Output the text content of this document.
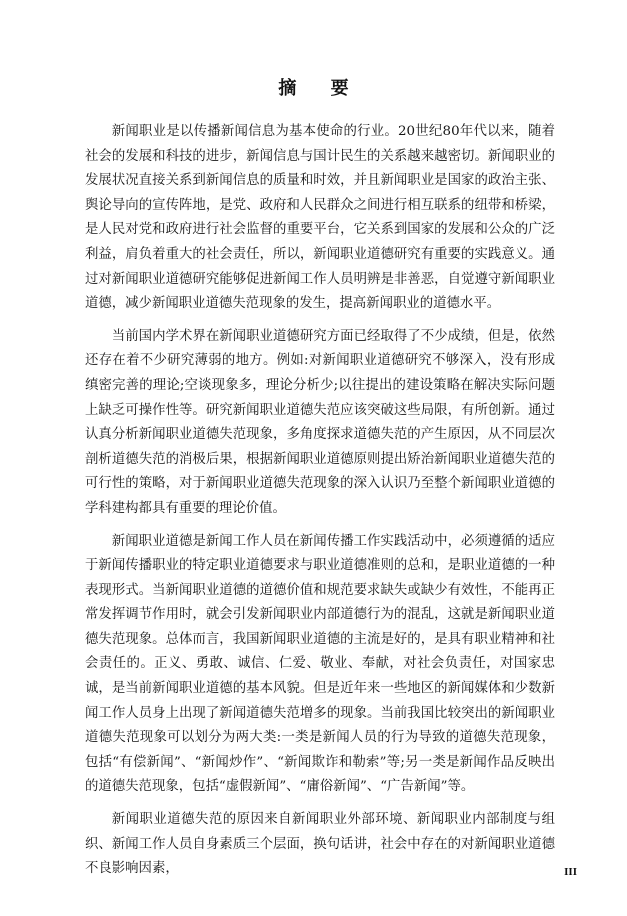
摘 要

新闻职业是以传播新闻信息为基本使命的行业。20世纪80年代以来，随着社会的发展和科技的进步，新闻信息与国计民生的关系越来越密切。新闻职业的发展状况直接关系到新闻信息的质量和时效，并且新闻职业是国家的政治主张、舆论导向的宣传阵地，是党、政府和人民群众之间进行相互联系的纽带和桥梁，是人民对党和政府进行社会监督的重要平台，它关系到国家的发展和公众的广泛利益，肩负着重大的社会责任，所以，新闻职业道德研究有重要的实践意义。通过对新闻职业道德研究能够促进新闻工作人员明辨是非善恶，自觉遵守新闻职业道德，减少新闻职业道德失范现象的发生，提高新闻职业的道德水平。

当前国内学术界在新闻职业道德研究方面已经取得了不少成绩，但是，依然还存在着不少研究薄弱的地方。例如:对新闻职业道德研究不够深入，没有形成缜密完善的理论;空谈现象多，理论分析少;以往提出的建设策略在解决实际问题上缺乏可操作性等。研究新闻职业道德失范应该突破这些局限，有所创新。通过认真分析新闻职业道德失范现象，多角度探求道德失范的产生原因，从不同层次剖析道德失范的消极后果，根据新闻职业道德原则提出矫治新闻职业道德失范的可行性的策略，对于新闻职业道德失范现象的深入认识乃至整个新闻职业道德的学科建构都具有重要的理论价值。

新闻职业道德是新闻工作人员在新闻传播工作实践活动中，必须遵循的适应于新闻传播职业的特定职业道德要求与职业道德准则的总和，是职业道德的一种表现形式。当新闻职业道德的道德价值和规范要求缺失或缺少有效性，不能再正常发挥调节作用时，就会引发新闻职业内部道德行为的混乱，这就是新闻职业道德失范现象。总体而言，我国新闻职业道德的主流是好的，是具有职业精神和社会责任的。正义、勇敢、诚信、仁爱、敬业、奉献，对社会负责任，对国家忠诚，是当前新闻职业道德的基本风貌。但是近年来一些地区的新闻媒体和少数新闻工作人员身上出现了新闻道德失范增多的现象。当前我国比较突出的新闻职业道德失范现象可以划分为两大类:一类是新闻人员的行为导致的道德失范现象，包括“有偿新闻”、“新闻炒作”、“新闻欺诈和勒索”等;另一类是新闻作品反映出的道德失范现象，包括“虚假新闻”、“庸俗新闻”、“广告新闻”等。

新闻职业道德失范的原因来自新闻职业外部环境、新闻职业内部制度与组织、新闻工作人员自身素质三个层面，换句话讲，社会中存在的对新闻职业道德不良影响因素，	III
